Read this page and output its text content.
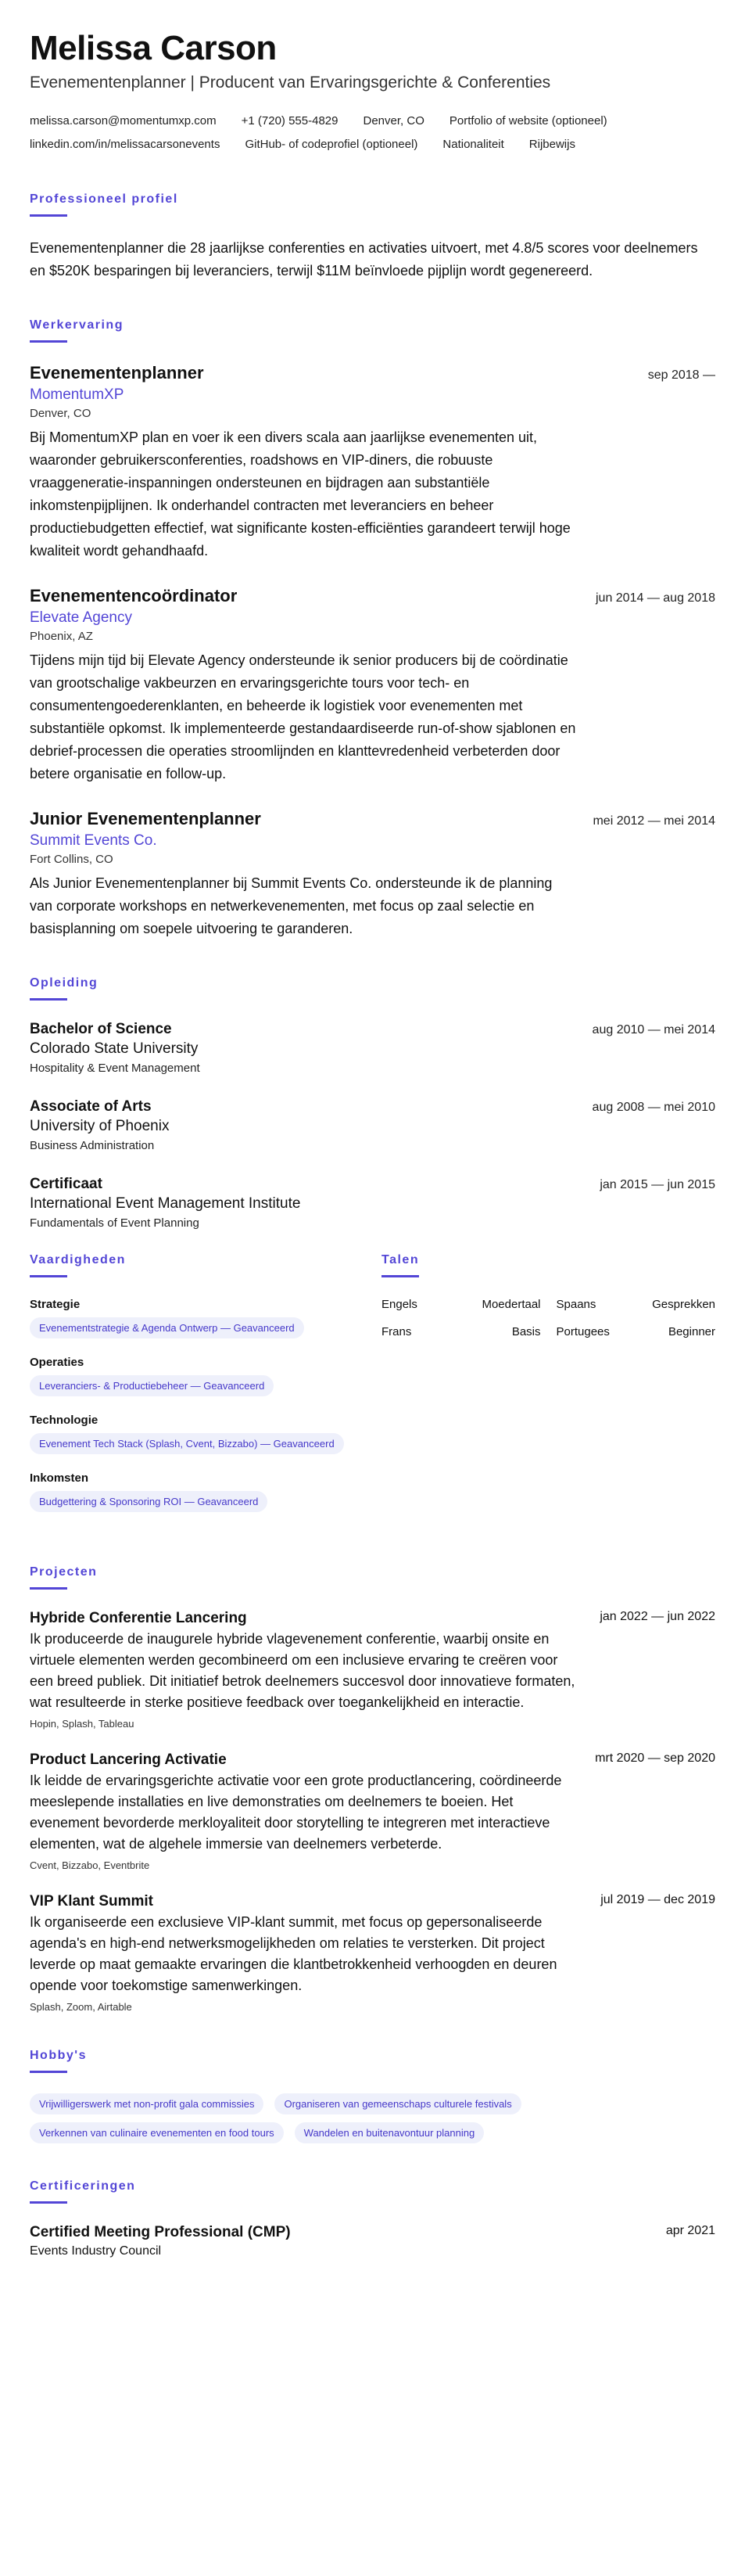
Melissa Carson
Evenementenplanner | Producent van Ervaringsgerichte & Conferenties
melissa.carson@momentumxp.com +1 (720) 555-4829 Denver, CO Portfolio of website (optioneel)
linkedin.com/in/melissacarsonevents GitHub- of codeprofiel (optioneel) Nationaliteit Rijbewijs
Professioneel profiel

Evenementenplanner die 28 jaarlijkse conferenties en activaties uitvoert, met 4.8/5 scores voor deelnemers en $520K besparingen bij leveranciers, terwijl $11M beïnvloede pijplijn wordt gegenereerd.

Werkervaring
Evenementenplanner	sep 2018 —
MomentumXP
Denver, CO

Bij MomentumXP plan en voer ik een divers scala aan jaarlijkse evenementen uit, waaronder gebruikersconferenties, roadshows en VIP-diners, die robuuste vraaggeneratie-inspanningen ondersteunen en bijdragen aan substantiële inkomstenpijplijnen. Ik onderhandel contracten met leveranciers en beheer productiebudgetten effectief, wat significante kosten-efficiënties garandeert terwijl hoge kwaliteit wordt gehandhaafd.

Evenementencoördinator	jun 2014 — aug 2018
Elevate Agency
Phoenix, AZ

Tijdens mijn tijd bij Elevate Agency ondersteunde ik senior producers bij de coördinatie van grootschalige vakbeurzen en ervaringsgerichte tours voor tech- en consumentengoederenklanten, en beheerde ik logistiek voor evenementen met substantiële opkomst. Ik implementeerde gestandaardiseerde run-of-show sjablonen en debrief-processen die operaties stroomlijnden en klanttevredenheid verbeterden door betere organisatie en follow-up.

Junior Evenementenplanner	mei 2012 — mei 2014
Summit Events Co.
Fort Collins, CO

Als Junior Evenementenplanner bij Summit Events Co. ondersteunde ik de planning van corporate workshops en netwerkevenementen, met focus op zaal selectie en basisplanning om soepele uitvoering te garanderen.

Opleiding
Bachelor of Science	aug 2010 — mei 2014
Colorado State University
Hospitality & Event Management
Associate of Arts	aug 2008 — mei 2010
University of Phoenix
Business Administration
Certificaat	jan 2015 — jun 2015
International Event Management Institute
Fundamentals of Event Planning
Vaardigheden
Strategie
Evenementstrategie & Agenda Ontwerp — Geavanceerd
Operaties
Leveranciers- & Productiebeheer — Geavanceerd
Technologie
Evenement Tech Stack (Splash, Cvent, Bizzabo) — Geavanceerd
Inkomsten
Budgettering & Sponsoring ROI — Geavanceerd
Talen
Engels	Moedertaal Spaans	Gesprekken
Frans	Basis Portugees	Beginner
Projecten
Hybride Conferentie Lancering	jan 2022 — jun 2022

Ik produceerde de inaugurele hybride vlagevenement conferentie, waarbij onsite en virtuele elementen werden gecombineerd om een inclusieve ervaring te creëren voor een breed publiek. Dit initiatief betrok deelnemers succesvol door innovatieve formaten, wat resulteerde in sterke positieve feedback over toegankelijkheid en interactie.

Hopin, Splash, Tableau
Product Lancering Activatie	mrt 2020 — sep 2020

Ik leidde de ervaringsgerichte activatie voor een grote productlancering, coördineerde meeslepende installaties en live demonstraties om deelnemers te boeien. Het evenement bevorderde merkloyaliteit door storytelling te integreren met interactieve elementen, wat de algehele immersie van deelnemers verbeterde.

Cvent, Bizzabo, Eventbrite
VIP Klant Summit	jul 2019 — dec 2019

Ik organiseerde een exclusieve VIP-klant summit, met focus op gepersonaliseerde agenda's en high-end netwerksmogelijkheden om relaties te versterken. Dit project leverde op maat gemaakte ervaringen die klantbetrokkenheid verhoogden en deuren opende voor toekomstige samenwerkingen.

Splash, Zoom, Airtable
Hobby's
Vrijwilligerswerk met non-profit gala commissies	Organiseren van gemeenschaps culturele festivals
Verkennen van culinaire evenementen en food tours	Wandelen en buitenavontuur planning
Certificeringen
Certified Meeting Professional (CMP)	apr 2021
Events Industry Council
